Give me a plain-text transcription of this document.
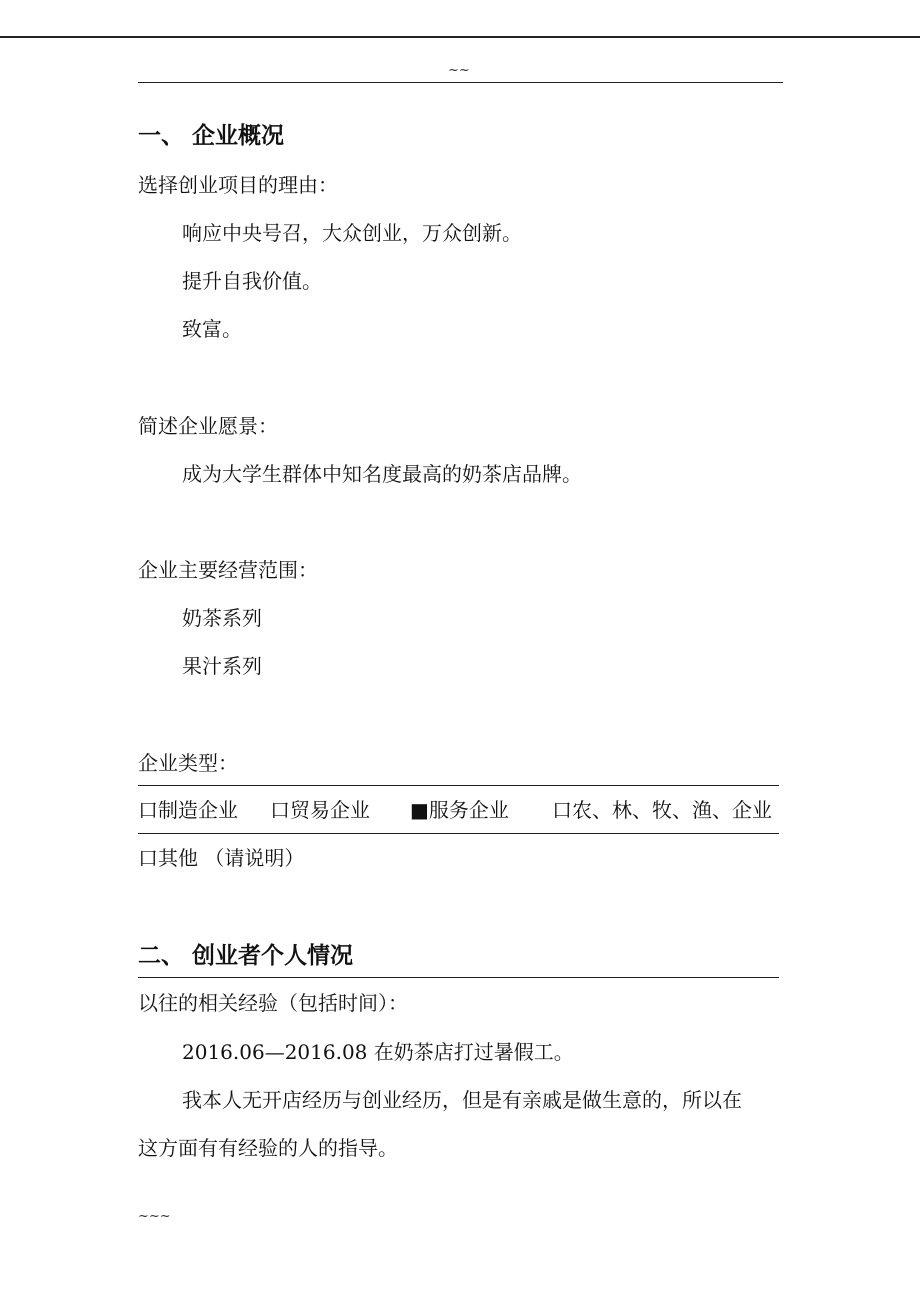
~~
一、 企业概况
选择创业项目的理由：
响应中央号召，大众创业，万众创新。
提升自我价值。
致富。
简述企业愿景：
成为大学生群体中知名度最高的奶茶店品牌。
企业主要经营范围：
奶茶系列
果汁系列
企业类型：
口制造企业 口贸易企业 ■服务企业 口农、林、牧、渔、企业
口其他 （请说明）
二、 创业者个人情况
以往的相关经验（包括时间）：
2016.06—2016.08 在奶茶店打过暑假工。
我本人无开店经历与创业经历，但是有亲戚是做生意的，所以在
这方面有有经验的人的指导。
~~~
